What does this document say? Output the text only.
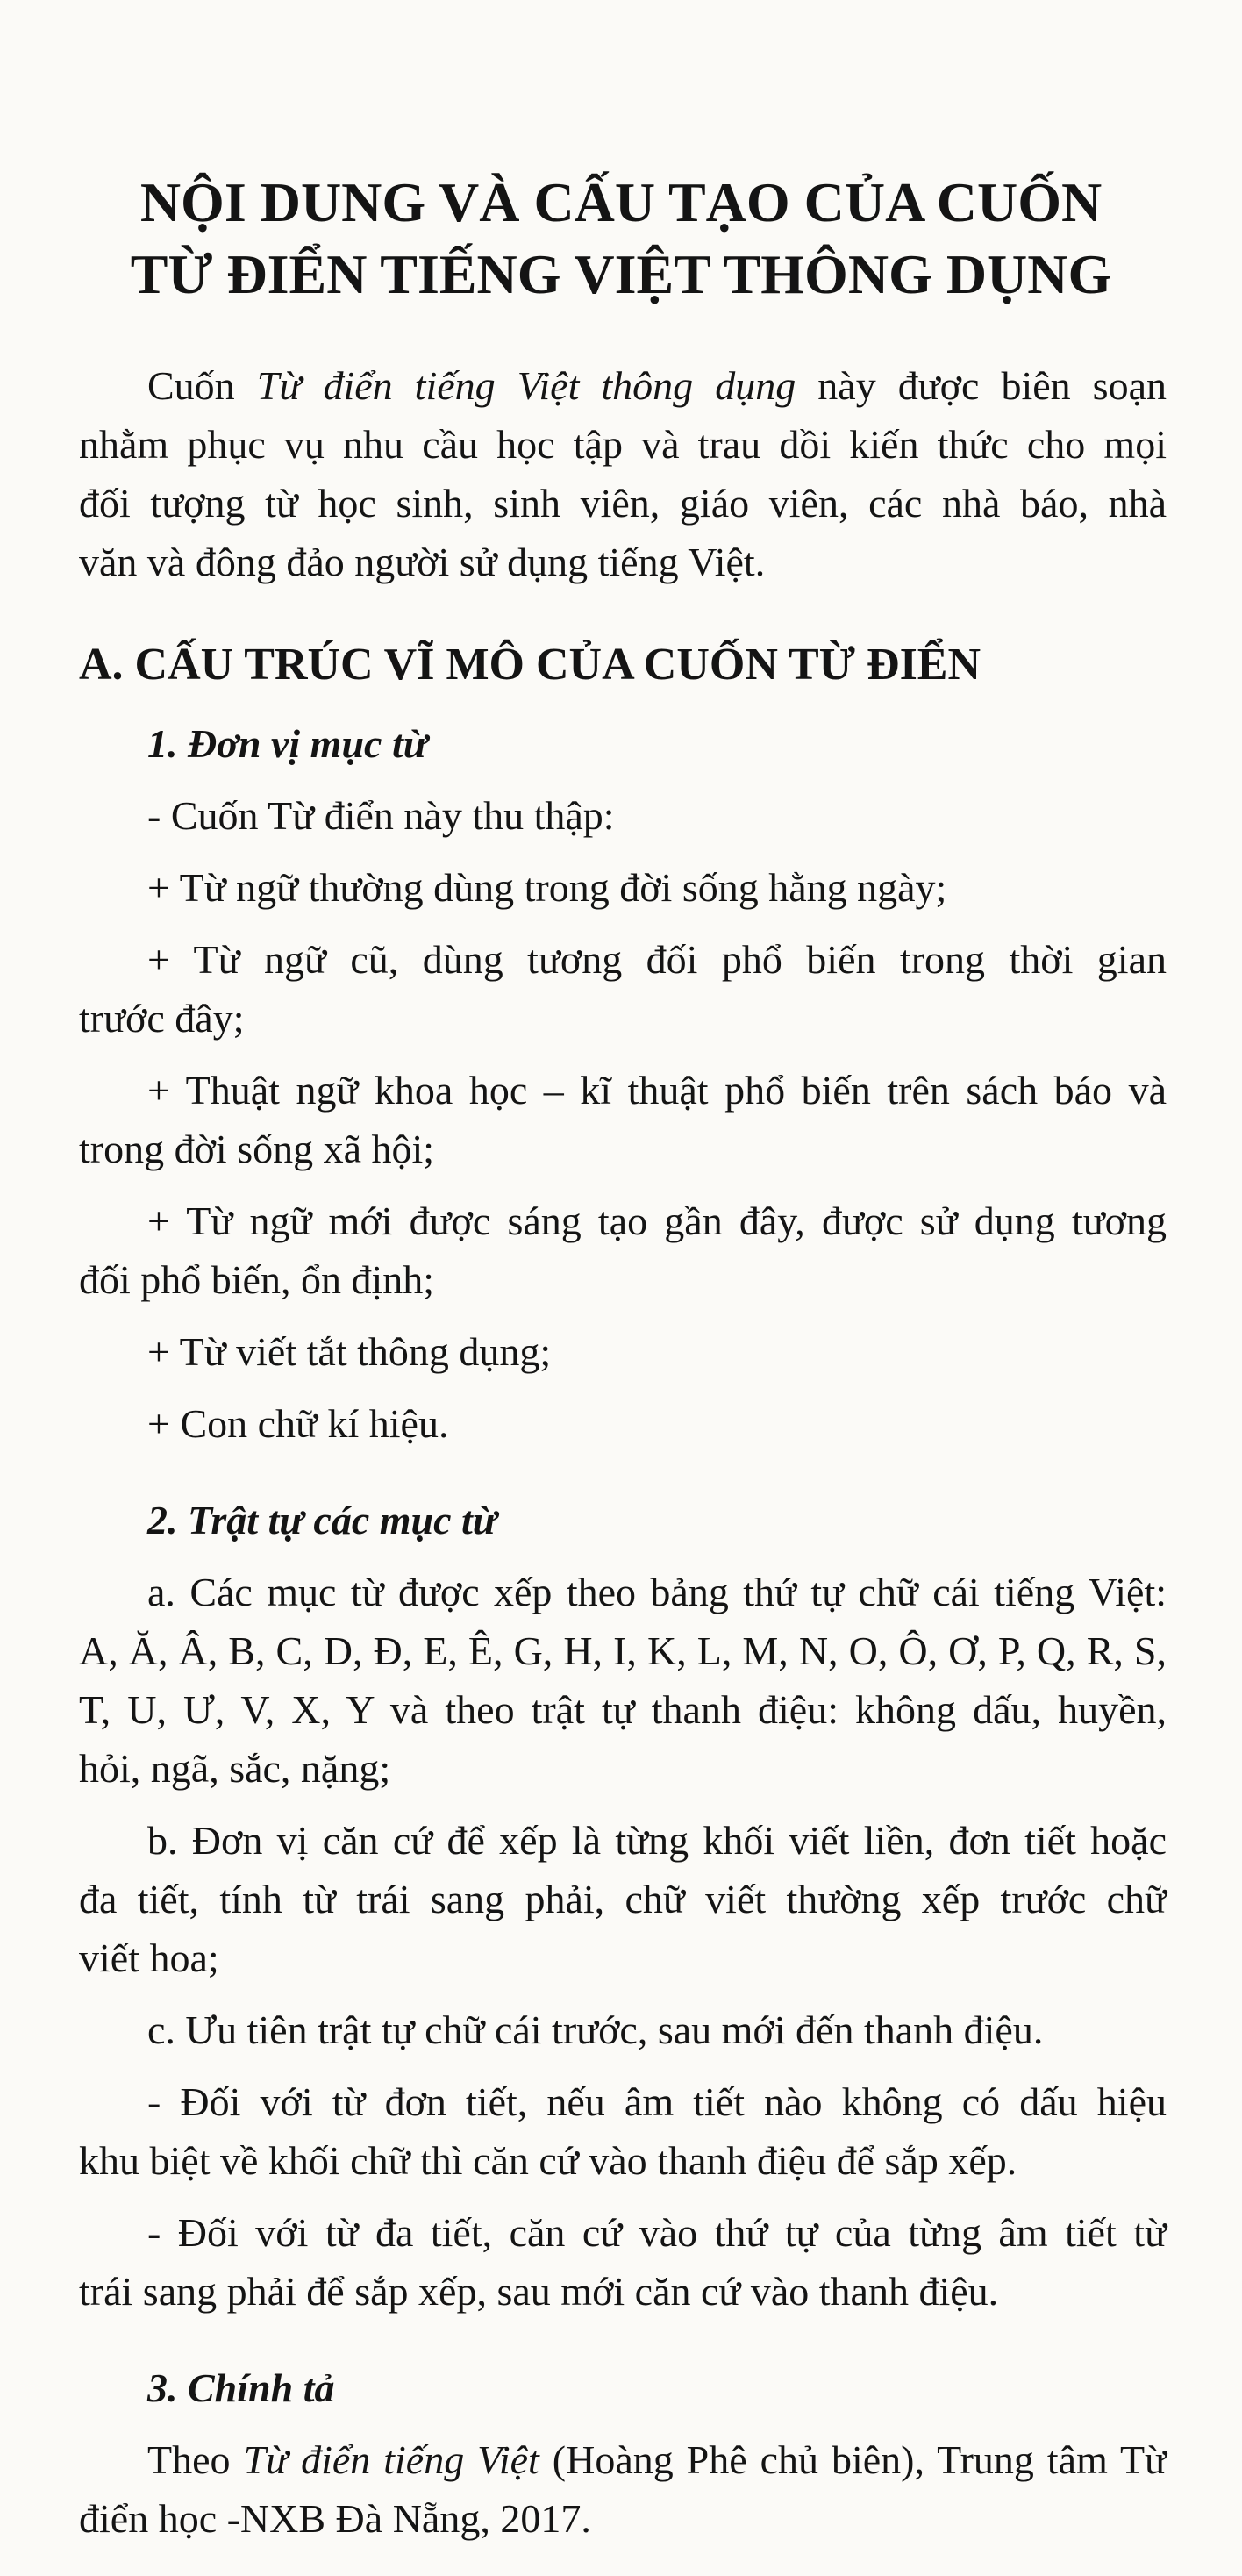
NỘI DUNG VÀ CẤU TẠO CỦA CUỐN
TỪ ĐIỂN TIẾNG VIỆT THÔNG DỤNG
Cuốn Từ điển tiếng Việt thông dụng này được biên soạn
nhằm phục vụ nhu cầu học tập và trau dồi kiến thức cho mọi
đối tượng từ học sinh, sinh viên, giáo viên, các nhà báo, nhà
văn và đông đảo người sử dụng tiếng Việt.
A. CẤU TRÚC VĨ MÔ CỦA CUỐN TỪ ĐIỂN
1. Đơn vị mục từ
- Cuốn Từ điển này thu thập:
+ Từ ngữ thường dùng trong đời sống hằng ngày;
+ Từ ngữ cũ, dùng tương đối phổ biến trong thời gian
trước đây;
+ Thuật ngữ khoa học – kĩ thuật phổ biến trên sách báo và
trong đời sống xã hội;
+ Từ ngữ mới được sáng tạo gần đây, được sử dụng tương
đối phổ biến, ổn định;
+ Từ viết tắt thông dụng;
+ Con chữ kí hiệu.
2. Trật tự các mục từ
a. Các mục từ được xếp theo bảng thứ tự chữ cái tiếng Việt:
A, Ă, Â, B, C, D, Đ, E, Ê, G, H, I, K, L, M, N, O, Ô, Ơ, P, Q, R, S,
T, U, Ư, V, X, Y và theo trật tự thanh điệu: không dấu, huyền,
hỏi, ngã, sắc, nặng;
b. Đơn vị căn cứ để xếp là từng khối viết liền, đơn tiết hoặc
đa tiết, tính từ trái sang phải, chữ viết thường xếp trước chữ
viết hoa;
c. Ưu tiên trật tự chữ cái trước, sau mới đến thanh điệu.
- Đối với từ đơn tiết, nếu âm tiết nào không có dấu hiệu
khu biệt về khối chữ thì căn cứ vào thanh điệu để sắp xếp.
- Đối với từ đa tiết, căn cứ vào thứ tự của từng âm tiết từ
trái sang phải để sắp xếp, sau mới căn cứ vào thanh điệu.
3. Chính tả
Theo Từ điển tiếng Việt (Hoàng Phê chủ biên), Trung tâm Từ
điển học -NXB Đà Nẵng, 2017.
